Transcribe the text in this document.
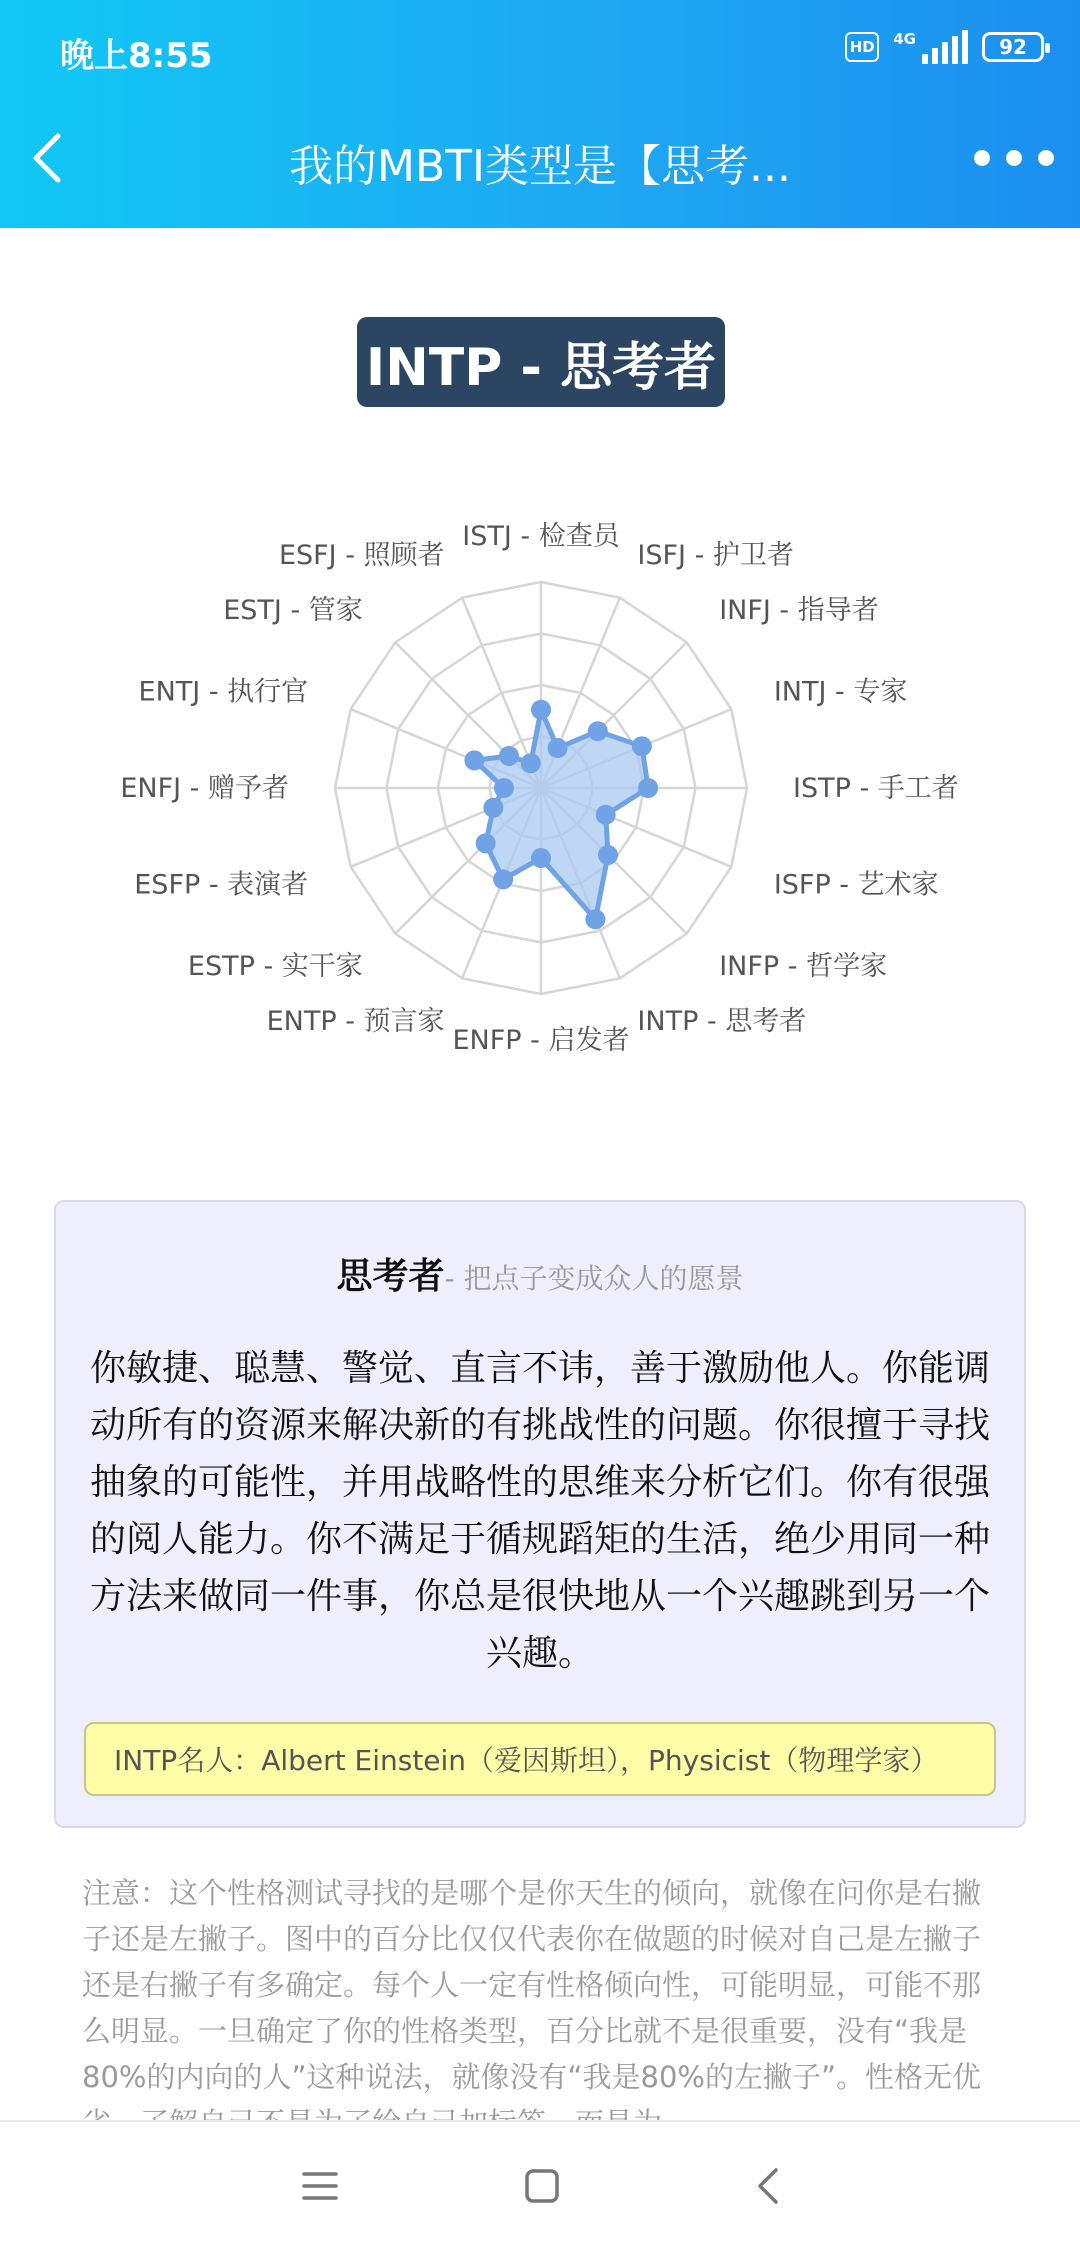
晚上8:55	HD	4G	92
我的MBTI类型是【思考...
INTP - 思考者
ISTJ - 检查员
ISFJ - 护卫者
INFJ - 指导者
INTJ - 专家
ISTP - 手工者
ISFP - 艺术家
INFP - 哲学家
INTP - 思考者
ENFP - 启发者
ENTP - 预言家
ESTP - 实干家
ESFP - 表演者
ENFJ - 赠予者
ENTJ - 执行官
ESTJ - 管家
ESFJ - 照顾者
思考者- 把点子变成众人的愿景
你敏捷、聪慧、警觉、直言不讳，善于激励他人。你能调动所有的资源来解决新的有挑战性的问题。你很擅于寻找抽象的可能性，并用战略性的思维来分析它们。你有很强的阅人能力。你不满足于循规蹈矩的生活，绝少用同一种方法来做同一件事，你总是很快地从一个兴趣跳到另一个兴趣。
INTP名人：Albert Einstein（爱因斯坦），Physicist（物理学家）
注意：这个性格测试寻找的是哪个是你天生的倾向，就像在问你是右撇子还是左撇子。图中的百分比仅仅代表你在做题的时候对自己是左撇子还是右撇子有多确定。每个人一定有性格倾向性，可能明显，可能不那么明显。一旦确定了你的性格类型，百分比就不是很重要，没有“我是80%的内向的人”这种说法，就像没有“我是80%的左撇子”。性格无优
